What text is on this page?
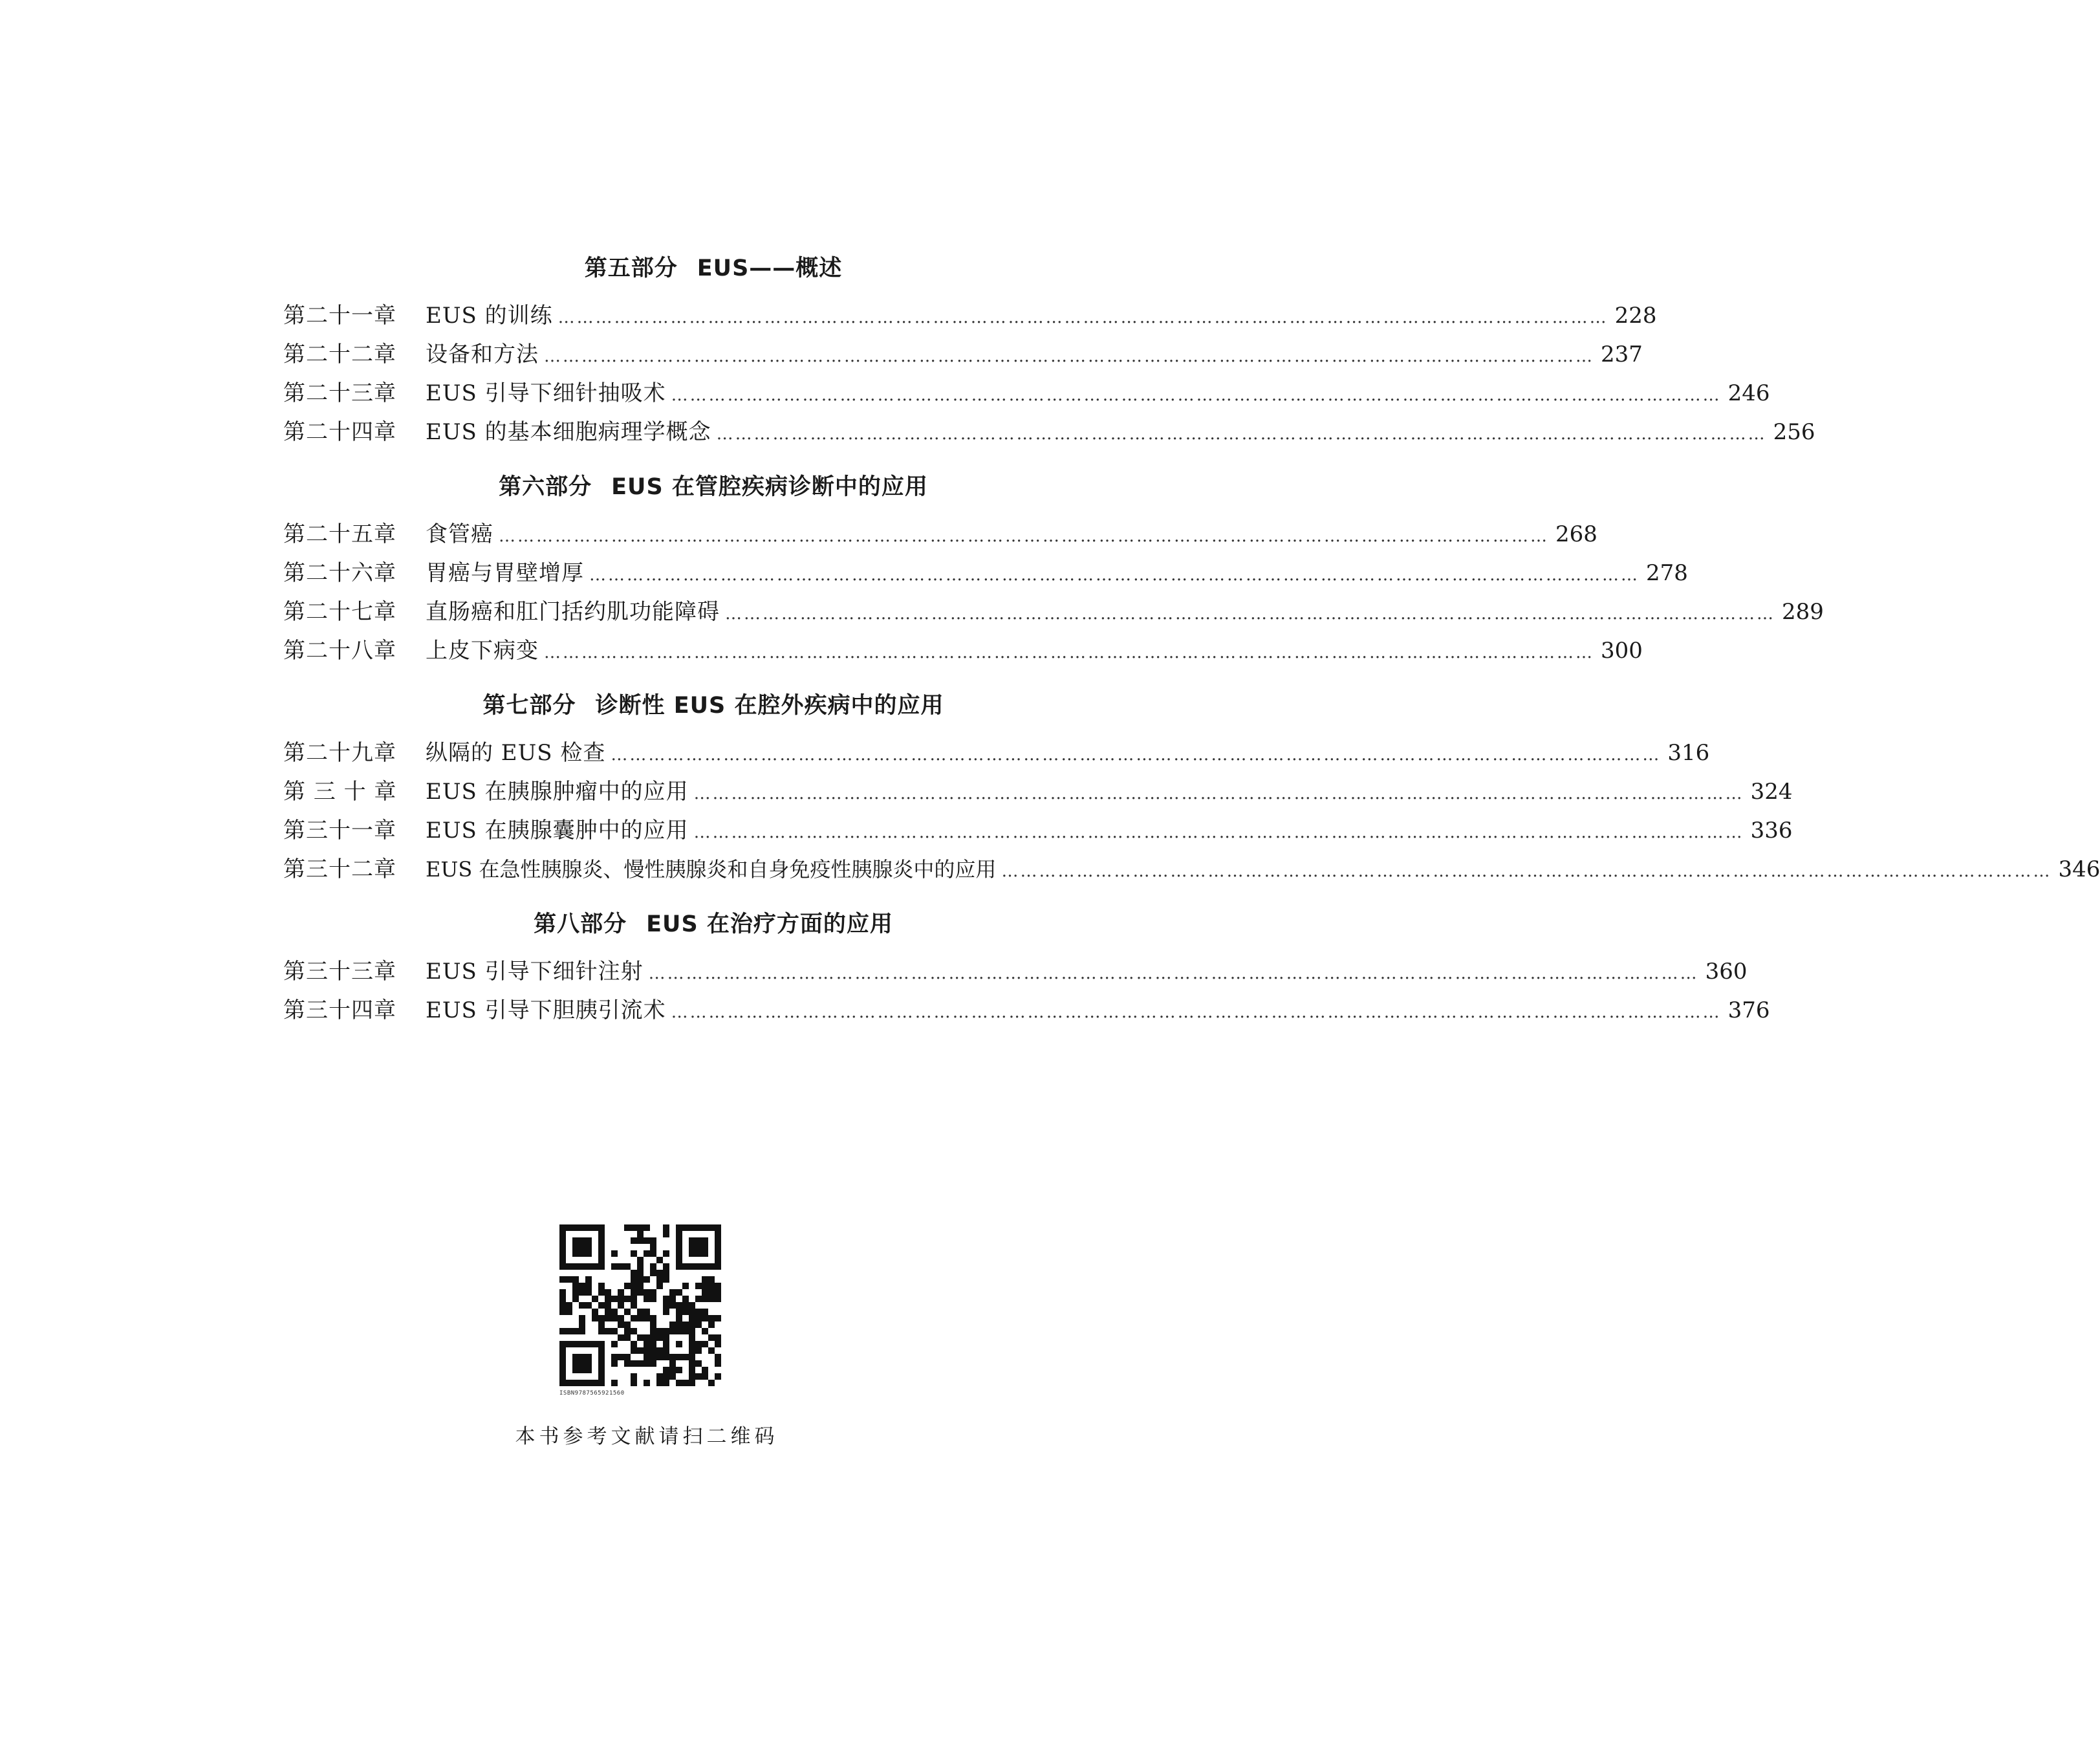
第五部分 EUS——概述
第二十一章	EUS 的训练 …………………………………………………………………………………………………………………………………………………… 228
第二十二章	设备和方法 …………………………………………………………………………………………………………………………………………………… 237
第二十三章	EUS 引导下细针抽吸术 …………………………………………………………………………………………………………………………………………………… 246
第二十四章	EUS 的基本细胞病理学概念 …………………………………………………………………………………………………………………………………………………… 256
第六部分 EUS 在管腔疾病诊断中的应用
第二十五章	食管癌 …………………………………………………………………………………………………………………………………………………… 268
第二十六章	胃癌与胃壁增厚 …………………………………………………………………………………………………………………………………………………… 278
第二十七章	直肠癌和肛门括约肌功能障碍 …………………………………………………………………………………………………………………………………………………… 289
第二十八章	上皮下病变 …………………………………………………………………………………………………………………………………………………… 300
第七部分 诊断性 EUS 在腔外疾病中的应用
第二十九章	纵隔的 EUS 检查 …………………………………………………………………………………………………………………………………………………… 316
第 三 十 章	EUS 在胰腺肿瘤中的应用 …………………………………………………………………………………………………………………………………………………… 324
第三十一章	EUS 在胰腺囊肿中的应用 …………………………………………………………………………………………………………………………………………………… 336
第三十二章	EUS 在急性胰腺炎、慢性胰腺炎和自身免疫性胰腺炎中的应用 …………………………………………………………………………………………………………………………………………………… 346
第八部分 EUS 在治疗方面的应用
第三十三章	EUS 引导下细针注射 …………………………………………………………………………………………………………………………………………………… 360
第三十四章	EUS 引导下胆胰引流术 …………………………………………………………………………………………………………………………………………………… 376
ISBN9787565921560
本书参考文献请扫二维码
